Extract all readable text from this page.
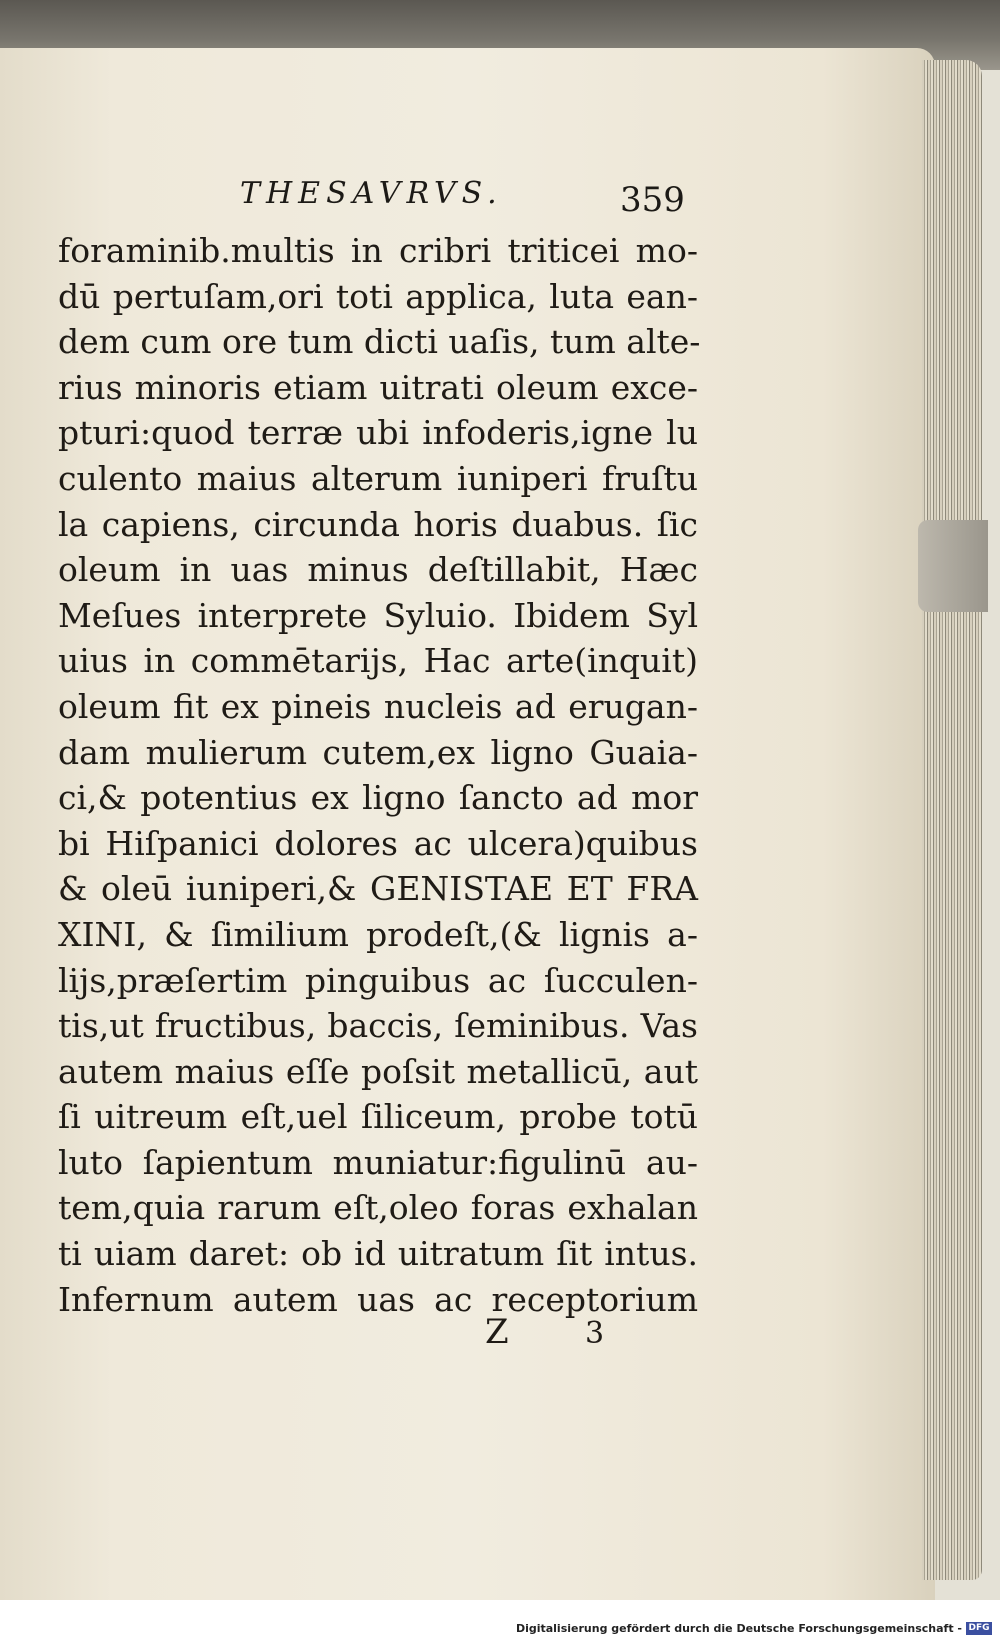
THESAVRVS.	359
foraminib.multis in cribri triticei mo-
dū pertuſam,ori toti applica, luta ean-
dem cum ore tum dicti uaſis, tum alte-
rius minoris etiam uitrati oleum exce-
pturi:quod terræ ubi infoderis,igne lu
culento maius alterum iuniperi fruſtu
la capiens, circunda horis duabus. ſic
oleum in uas minus deſtillabit, Hæc
Meſues interprete Syluio. Ibidem Syl
uius in commētarijs, Hac arte(inquit)
oleum fit ex pineis nucleis ad erugan-
dam mulierum cutem,ex ligno Guaia-
ci,& potentius ex ligno ſancto ad mor
bi Hiſpanici dolores ac ulcera)quibus
& oleū iuniperi,& GENISTAE ET FRA
XINI, & ſimilium prodeſt,(& lignis a-
lijs,præſertim pinguibus ac ſucculen-
tis,ut fructibus, baccis, ſeminibus. Vas
autem maius eſſe poſsit metallicū, aut
ſi uitreum eſt,uel ſiliceum, probe totū
luto ſapientum muniatur:figulinū au-
tem,quia rarum eſt,oleo foras exhalan
ti uiam daret: ob id uitratum ſit intus.
Infernum autem uas ac receptorium
Z	3
Digitalisierung gefördert durch die Deutsche Forschungsgemeinschaft - DFG
